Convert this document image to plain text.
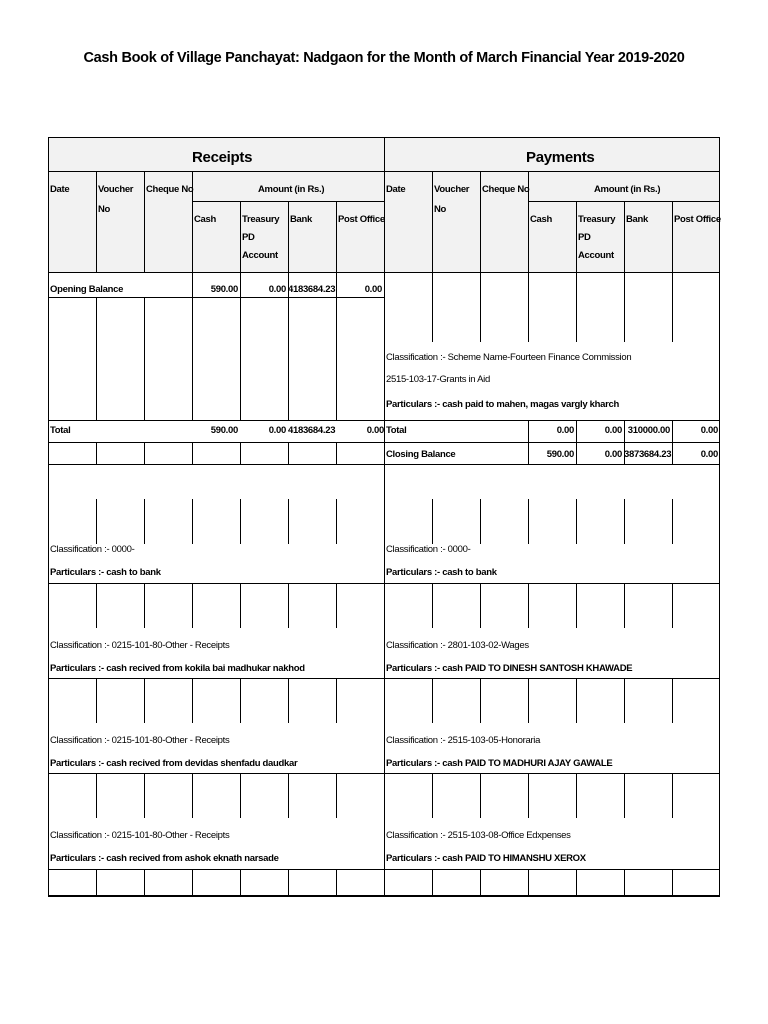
Cash Book of Village Panchayat: Nadgaon for the Month of March Financial Year 2019-2020
Receipts
Date	Voucher
No
Cheque No	Amount (in Rs.)
Cash	Treasury
PD
Account
Bank	Post Office
Payments
Date	Voucher
No
Cheque No	Amount (in Rs.)
Cash	Treasury
PD
Account
Bank	Post Office
Opening Balance	590.00	0.00 4183684.23	0.00
Classification :- Scheme Name-Fourteen Finance Commission
2515-103-17-Grants in Aid
Particulars :- cash paid to mahen, magas vargly kharch
Total	590.00	0.00 4183684.23	0.00 Total	0.00	0.00 310000.00	0.00
Closing Balance	590.00	0.00 3873684.23	0.00
Classification :- 0000-
Particulars :- cash to bank
Classification :- 0000-
Particulars :- cash to bank
Classification :- 0215-101-80-Other - Receipts
Particulars :- cash recived from kokila bai madhukar nakhod
Classification :- 2801-103-02-Wages
Particulars :- cash PAID TO DINESH SANTOSH KHAWADE
Classification :- 0215-101-80-Other - Receipts
Particulars :- cash recived from devidas shenfadu daudkar
Classification :- 2515-103-05-Honoraria
Particulars :- cash PAID TO MADHURI AJAY GAWALE
Classification :- 0215-101-80-Other - Receipts
Particulars :- cash recived from ashok eknath narsade
Classification :- 2515-103-08-Office Edxpenses
Particulars :- cash PAID TO HIMANSHU XEROX
